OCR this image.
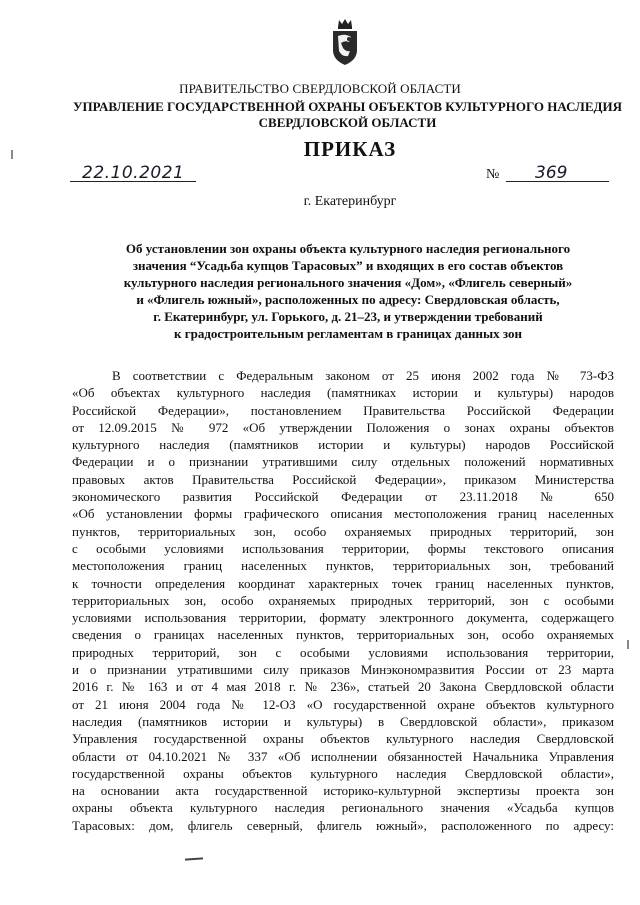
ПРАВИТЕЛЬСТВО СВЕРДЛОВСКОЙ ОБЛАСТИ
УПРАВЛЕНИЕ ГОСУДАРСТВЕННОЙ ОХРАНЫ ОБЪЕКТОВ КУЛЬТУРНОГО НАСЛЕДИЯ
СВЕРДЛОВСКОЙ ОБЛАСТИ
ПРИКАЗ
22.10.2021	№ 369
г. Екатеринбург
Об установлении зон охраны объекта культурного наследия регионального
значения “Усадьба купцов Тарасовых” и входящих в его состав объектов
культурного наследия регионального значения «Дом», «Флигель северный»
и «Флигель южный», расположенных по адресу: Свердловская область,
г. Екатеринбург, ул. Горького, д. 21–23, и утверждении требований
к градостроительным регламентам в границах данных зон
В соответствии с Федеральным законом от 25 июня 2002 года № 73-ФЗ
«Об объектах культурного наследия (памятниках истории и культуры) народов
Российской Федерации», постановлением Правительства Российской Федерации
от 12.09.2015 № 972 «Об утверждении Положения о зонах охраны объектов
культурного наследия (памятников истории и культуры) народов Российской
Федерации и о признании утратившими силу отдельных положений нормативных
правовых актов Правительства Российской Федерации», приказом Министерства
экономического развития Российской Федерации от 23.11.2018 № 650
«Об установлении формы графического описания местоположения границ населенных
пунктов, территориальных зон, особо охраняемых природных территорий, зон
с особыми условиями использования территории, формы текстового описания
местоположения границ населенных пунктов, территориальных зон, требований
к точности определения координат характерных точек границ населенных пунктов,
территориальных зон, особо охраняемых природных территорий, зон с особыми
условиями использования территории, формату электронного документа, содержащего
сведения о границах населенных пунктов, территориальных зон, особо охраняемых
природных территорий, зон с особыми условиями использования территории,
и о признании утратившими силу приказов Минэкономразвития России от 23 марта
2016 г. № 163 и от 4 мая 2018 г. № 236», статьей 20 Закона Свердловской области
от 21 июня 2004 года № 12-ОЗ «О государственной охране объектов культурного
наследия (памятников истории и культуры) в Свердловской области», приказом
Управления государственной охраны объектов культурного наследия Свердловской
области от 04.10.2021 № 337 «Об исполнении обязанностей Начальника Управления
государственной охраны объектов культурного наследия Свердловской области»,
на основании акта государственной историко-культурной экспертизы проекта зон
охраны объекта культурного наследия регионального значения «Усадьба купцов
Тарасовых: дом, флигель северный, флигель южный», расположенного по адресу:
